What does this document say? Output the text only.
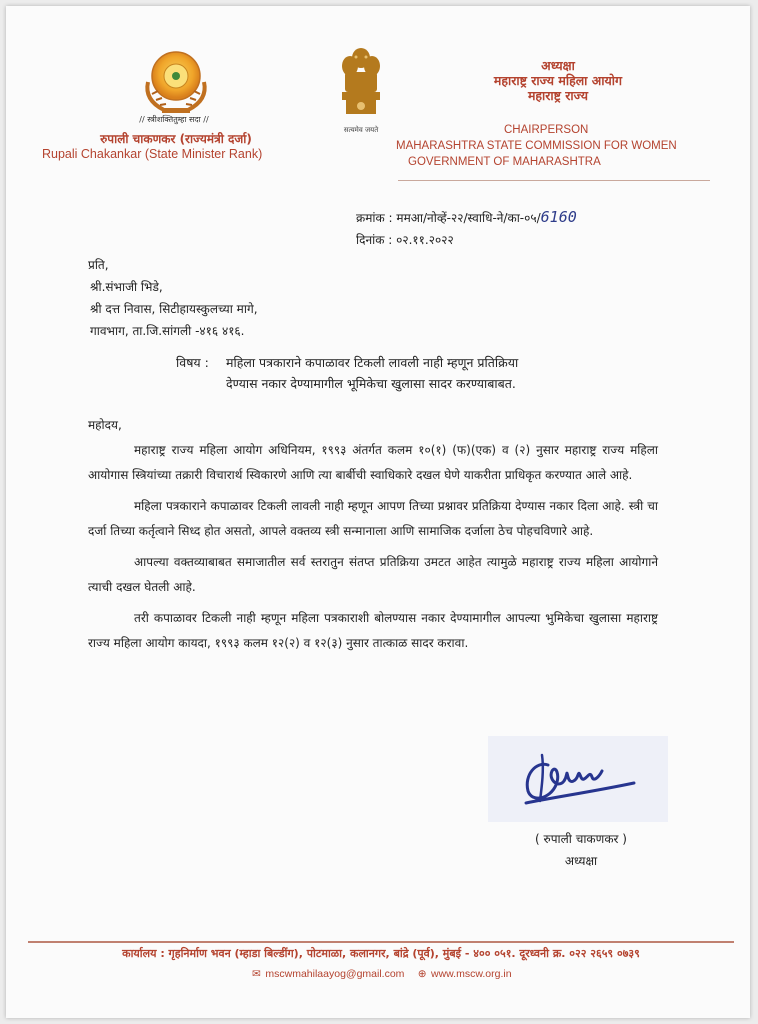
// स्त्रीशक्तितुम्हा सदा //
रुपाली चाकणकर (राज्यमंत्री दर्जा)
Rupali Chakankar (State Minister Rank)
सत्यमेव जयते
अध्यक्षा
महाराष्ट्र राज्य महिला आयोग
महाराष्ट्र राज्य
CHAIRPERSON
MAHARASHTRA STATE COMMISSION FOR WOMEN
GOVERNMENT OF MAHARASHTRA
क्रमांक : ममआ/नोव्हें-२२/स्वाधि-ने/का-०५/6160
दिनांक : ०२.११.२०२२
प्रति,
श्री.संभाजी भिडे,
श्री दत्त निवास, सिटीहायस्कुलच्या मागे,
गावभाग, ता.जि.सांगली -४१६ ४१६.
विषय : महिला पत्रकाराने कपाळावर टिकली लावली नाही म्हणून प्रतिक्रिया
देण्यास नकार देण्यामागील भूमिकेचा खुलासा सादर करण्याबाबत.
महोदय,

महाराष्ट्र राज्य महिला आयोग अधिनियम, १९९३ अंतर्गत कलम १०(१) (फ)(एक) व (२) नुसार महाराष्ट्र राज्य महिला आयोगास स्त्रियांच्या तक्रारी विचारार्थ स्विकारणे आणि त्या बार्बीची स्वाधिकारे दखल घेणे याकरीता प्राधिकृत करण्यात आले आहे.

महिला पत्रकाराने कपाळावर टिकली लावली नाही म्हणून आपण तिच्या प्रश्नावर प्रतिक्रिया देण्यास नकार दिला आहे. स्त्री चा दर्जा तिच्या कर्तृत्वाने सिध्द होत असतो, आपले वक्तव्य स्त्री सन्मानाला आणि सामाजिक दर्जाला ठेच पोहचविणारे आहे.

आपल्या वक्तव्याबाबत समाजातील सर्व स्तरातुन संतप्त प्रतिक्रिया उमटत आहेत त्यामुळे महाराष्ट्र राज्य महिला आयोगाने त्याची दखल घेतली आहे.

तरी कपाळावर टिकली नाही म्हणून महिला पत्रकाराशी बोलण्यास नकार देण्यामागील आपल्या भुमिकेचा खुलासा महाराष्ट्र राज्य महिला आयोग कायदा, १९९३ कलम १२(२) व १२(३) नुसार तात्काळ सादर करावा.

( रुपाली चाकणकर )
अध्यक्षा
कार्यालय : गृहनिर्माण भवन (म्हाडा बिल्डींग), पोटमाळा, कलानगर, बांद्रे (पूर्व), मुंबई - ४०० ०५१. दूरध्वनी क्र. ०२२ २६५९ ०७३९
✉ mscwmahilaayog@gmail.com ⊕ www.mscw.org.in
